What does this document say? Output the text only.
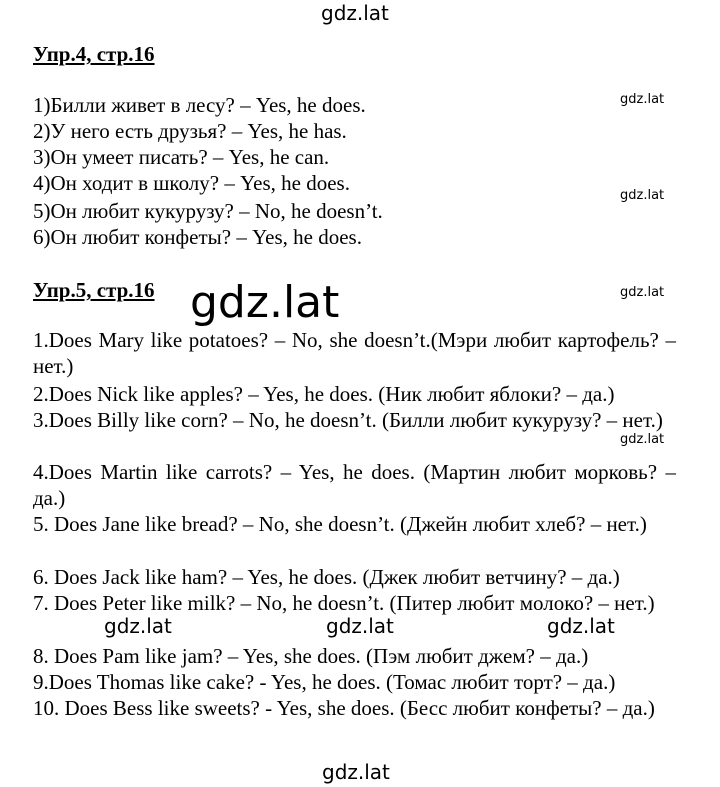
gdz.lat
gdz.lat
gdz.lat
gdz.lat
gdz.lat
gdz.lat
gdz.lat	gdz.lat	gdz.lat
gdz.lat
Упр.4, стр.16
1)Билли живет в лесу? – Yes, he does.
2)У него есть друзья? – Yes, he has.
3)Он умеет писать? – Yes, he can.
4)Он ходит в школу? – Yes, he does.
5)Он любит кукурузу? – No, he doesn’t.
6)Он любит конфеты? – Yes, he does.
Упр.5, стр.16
1.Does Mary like potatoes? – No, she doesn’t.(Мэри любит картофель? – нет.)
2.Does Nick like apples? – Yes, he does. (Ник любит яблоки? – да.)
3.Does Billy like corn? – No, he doesn’t. (Билли любит кукурузу? – нет.)
4.Does Martin like carrots? – Yes, he does. (Мартин любит морковь? – да.)
5. Does Jane like bread? – No, she doesn’t. (Джейн любит хлеб? – нет.)
6. Does Jack like ham? – Yes, he does. (Джек любит ветчину? – да.)
7. Does Peter like milk? – No, he doesn’t. (Питер любит молоко? – нет.)
8. Does Pam like jam? – Yes, she does. (Пэм любит джем? – да.)
9.Does Thomas like cake? - Yes, he does. (Томас любит торт? – да.)
10. Does Bess like sweets? - Yes, she does. (Бесс любит конфеты? – да.)
